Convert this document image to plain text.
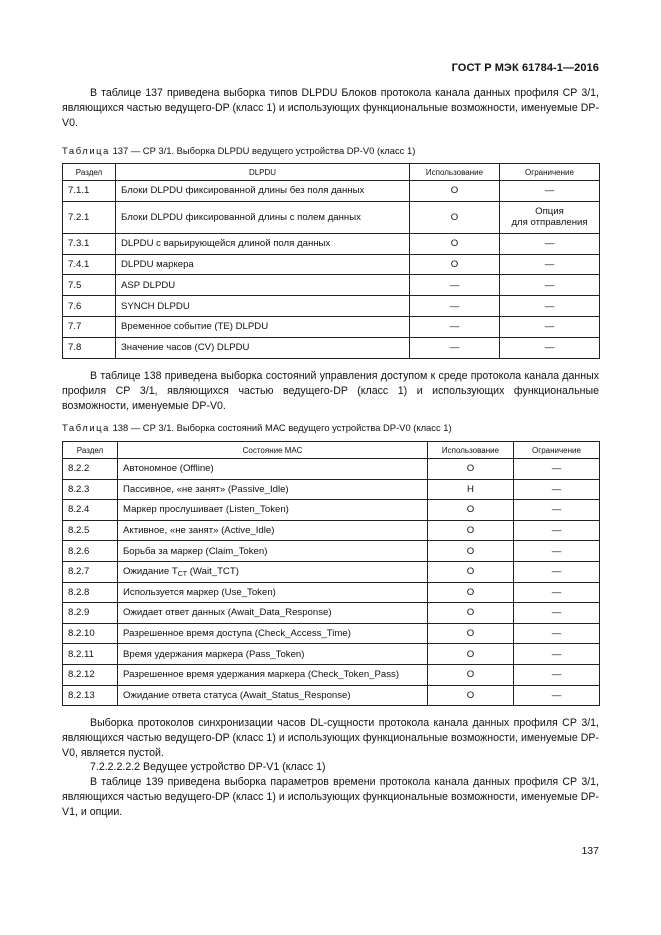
ГОСТ Р МЭК 61784-1—2016

В таблице 137 приведена выборка типов DLPDU Блоков протокола канала данных профиля СР 3/1, являющихся частью ведущего-DP (класс 1) и использующих функциональные возможности, именуемые DP-V0.

Таблица 137 — СР 3/1. Выборка DLPDU ведущего устройства DP-V0 (класс 1)
Раздел	DLPDU	Использование	Ограничение
7.1.1	Блоки DLPDU фиксированной длины без поля данных	O	—
7.2.1	Блоки DLPDU фиксированной длины с полем данных	O	Опция
для отправления

7.3.1	DLPDU с варьирующейся длиной поля данных	O	—
7.4.1	DLPDU маркера	O	—
7.5	ASP DLPDU	—	—
7.6	SYNCH DLPDU	—	—
7.7	Временное событие (TE) DLPDU	—	—
7.8	Значение часов (CV) DLPDU	—	—

В таблице 138 приведена выборка состояний управления доступом к среде протокола канала данных профиля СР 3/1, являющихся частью ведущего-DP (класс 1) и использующих функциональные возможности, именуемые DP-V0.

Таблица 138 — СР 3/1. Выборка состояний МАС ведущего устройства DP-V0 (класс 1)
Раздел	Состояние МАС	Использование	Ограничение
8.2.2	Автономное (Offline)	O	—
8.2.3	Пассивное, «не занят» (Passive_Idle)	Н	—
8.2.4	Маркер прослушивает (Listen_Token)	O	—
8.2.5	Активное, «не занят» (Active_Idle)	O	—
8.2.6	Борьба за маркер (Claim_Token)	O	—
8.2.7	Ожидание $T_{CT}$ (Wait_TCT)	O	—
8.2.8	Используется маркер (Use_Token)	O	—
8.2.9	Ожидает ответ данных (Await_Data_Response)	O	—
8.2.10	Разрешенное время доступа (Check_Access_Time)	O	—
8.2.11	Время удержания маркера (Pass_Token)	O	—
8.2.12	Разрешенное время удержания маркера (Check_Token_Pass)	O	—
8.2.13	Ожидание ответа статуса (Await_Status_Response)	O	—

Выборка протоколов синхронизации часов DL-сущности протокола канала данных профиля СР 3/1, являющихся частью ведущего-DP (класс 1) и использующих функциональные возможности, именуемые DP-V0, является пустой.

7.2.2.2.2.2 Ведущее устройство DP-V1 (класс 1)

В таблице 139 приведена выборка параметров времени протокола канала данных профиля СР 3/1, являющихся частью ведущего-DP (класс 1) и использующих функциональные возможности, именуемые DP-V1, и опции.

137
